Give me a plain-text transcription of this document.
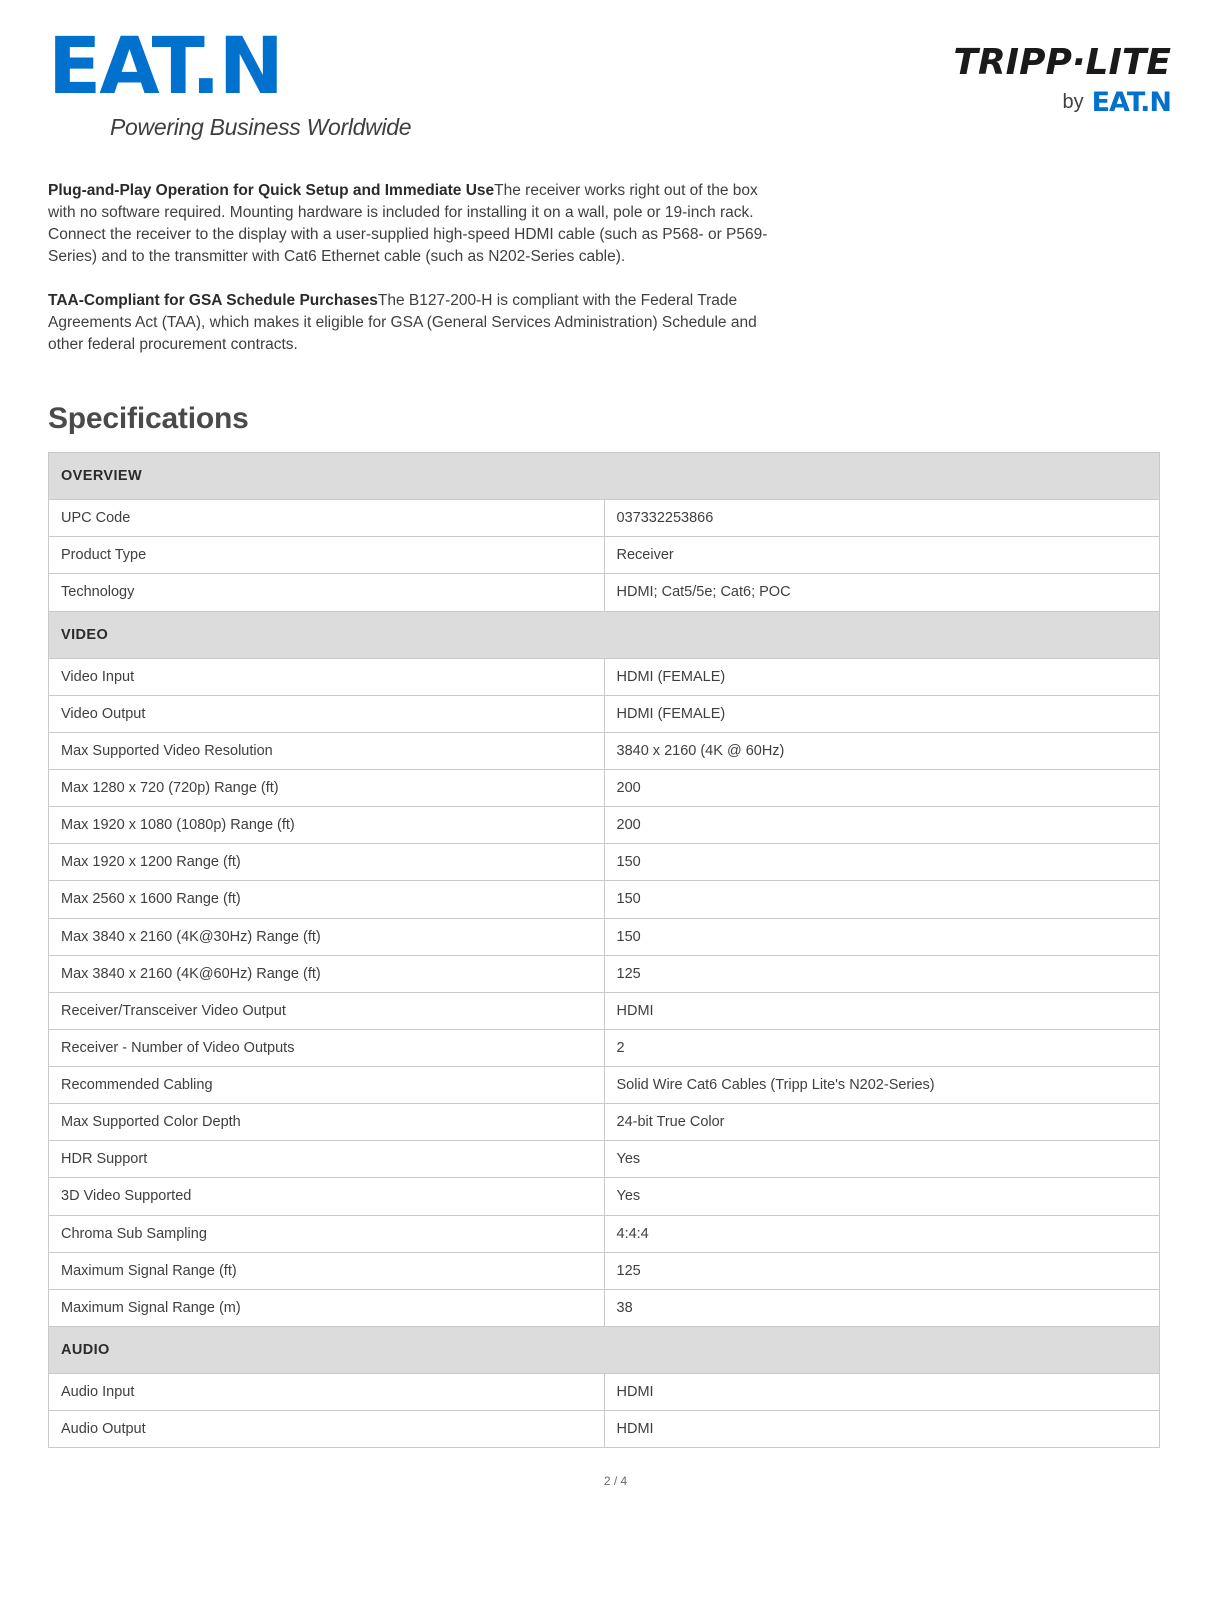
EAT.N
Powering Business Worldwide
TRIPP·LITE
by EAT.N

Plug-and-Play Operation for Quick Setup and Immediate UseThe receiver works right out of the box with no software required. Mounting hardware is included for installing it on a wall, pole or 19-inch rack. Connect the receiver to the display with a user-supplied high-speed HDMI cable (such as P568- or P569-Series) and to the transmitter with Cat6 Ethernet cable (such as N202-Series cable).

TAA-Compliant for GSA Schedule PurchasesThe B127-200-H is compliant with the Federal Trade Agreements Act (TAA), which makes it eligible for GSA (General Services Administration) Schedule and other federal procurement contracts.

Specifications
OVERVIEW	
UPC Code	037332253866
Product Type	Receiver
Technology	HDMI; Cat5/5e; Cat6; POC
VIDEO	
Video Input	HDMI (FEMALE)
Video Output	HDMI (FEMALE)
Max Supported Video Resolution	3840 x 2160 (4K @ 60Hz)
Max 1280 x 720 (720p) Range (ft)	200
Max 1920 x 1080 (1080p) Range (ft)	200
Max 1920 x 1200 Range (ft)	150
Max 2560 x 1600 Range (ft)	150
Max 3840 x 2160 (4K@30Hz) Range (ft)	150
Max 3840 x 2160 (4K@60Hz) Range (ft)	125
Receiver/Transceiver Video Output	HDMI
Receiver - Number of Video Outputs	2
Recommended Cabling	Solid Wire Cat6 Cables (Tripp Lite's N202-Series)
Max Supported Color Depth	24-bit True Color
HDR Support	Yes
3D Video Supported	Yes
Chroma Sub Sampling	4:4:4
Maximum Signal Range (ft)	125
Maximum Signal Range (m)	38
AUDIO	
Audio Input	HDMI
Audio Output	HDMI
2 / 4
